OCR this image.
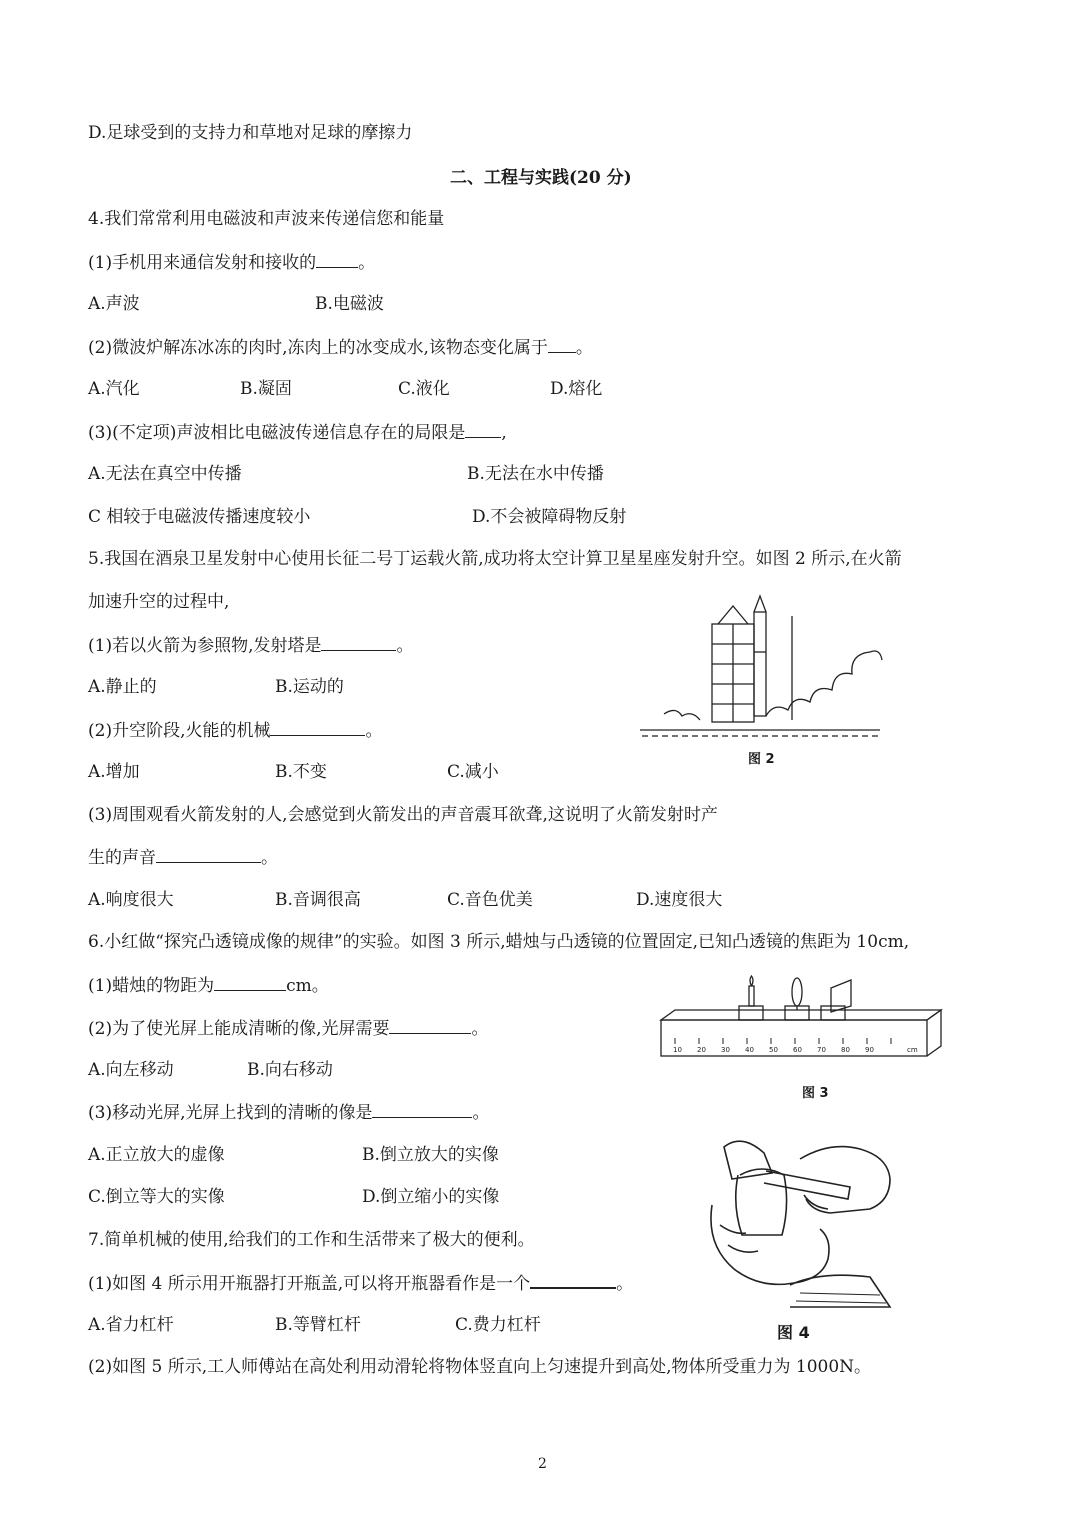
D.足球受到的支持力和草地对足球的摩擦力
二、工程与实践(20 分)
4.我们常常利用电磁波和声波来传递信您和能量
(1)手机用来通信发射和接收的 。
A.声波	B.电磁波
(2)微波炉解冻冰冻的肉时,冻肉上的冰变成水,该物态变化属于 。
A.汽化	B.凝固	C.液化	D.熔化
(3)(不定项)声波相比电磁波传递信息存在的局限是 ,
A.无法在真空中传播	B.无法在水中传播
C 相较于电磁波传播速度较小	D.不会被障碍物反射
5.我国在酒泉卫星发射中心使用长征二号丁运载火箭,成功将太空计算卫星星座发射升空。如图 2 所示,在火箭
加速升空的过程中,
(1)若以火箭为参照物,发射塔是	。
A.静止的	B.运动的
(2)升空阶段,火能的机械	。
A.增加	B.不变	C.减小
(3)周围观看火箭发射的人,会感觉到火箭发出的声音震耳欲聋,这说明了火箭发射时产
生的声音	。
A.响度很大	B.音调很高	C.音色优美	D.速度很大
图 2
6.小红做“探究凸透镜成像的规律”的实验。如图 3 所示,蜡烛与凸透镜的位置固定,已知凸透镜的焦距为 10cm,
(1)蜡烛的物距为	cm。
(2)为了使光屏上能成清晰的像,光屏需要	。
A.向左移动	B.向右移动
(3)移动光屏,光屏上找到的清晰的像是	。
A.正立放大的虚像	B.倒立放大的实像
C.倒立等大的实像	D.倒立缩小的实像
10 20 30 40 50 60 70 80 90	cm
图 3
7.简单机械的使用,给我们的工作和生活带来了极大的便利。
(1)如图 4 所示用开瓶器打开瓶盖,可以将开瓶器看作是一个	。
A.省力杠杆	B.等臂杠杆	C.费力杠杆
(2)如图 5 所示,工人师傅站在高处利用动滑轮将物体竖直向上匀速提升到高处,物体所受重力为 1000N。
图 4
2
